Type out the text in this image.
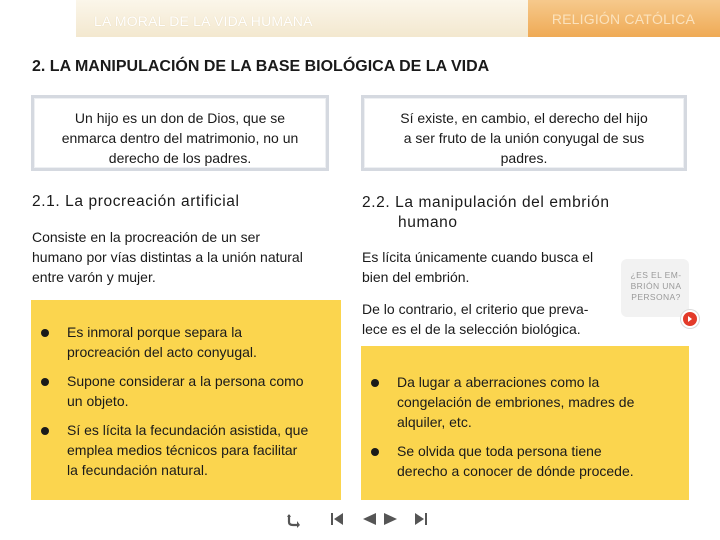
LA MORAL DE LA VIDA HUMANA	RELIGIÓN CATÓLICA
2. LA MANIPULACIÓN DE LA BASE BIOLÓGICA DE LA VIDA
Un hijo es un don de Dios, que se
enmarca dentro del matrimonio, no un
derecho de los padres.
Sí existe, en cambio, el derecho del hijo
a ser fruto de la unión conyugal de sus
padres.
2.1. La procreación artificial
Consiste en la procreación de un ser
humano por vías distintas a la unión natural
entre varón y mujer.
Es inmoral porque separa la
procreación del acto conyugal.
Supone considerar a la persona como
un objeto.
Sí es lícita la fecundación asistida, que
emplea medios técnicos para facilitar
la fecundación natural.
2.2. La manipulación del embrión
humano
Es lícita únicamente cuando busca el
bien del embrión.
De lo contrario, el criterio que preva-
lece es el de la selección biológica.
Da lugar a aberraciones como la
congelación de embriones, madres de
alquiler, etc.
Se olvida que toda persona tiene
derecho a conocer de dónde procede.
¿ES EL EM-
BRIÓN UNA
PERSONA?
